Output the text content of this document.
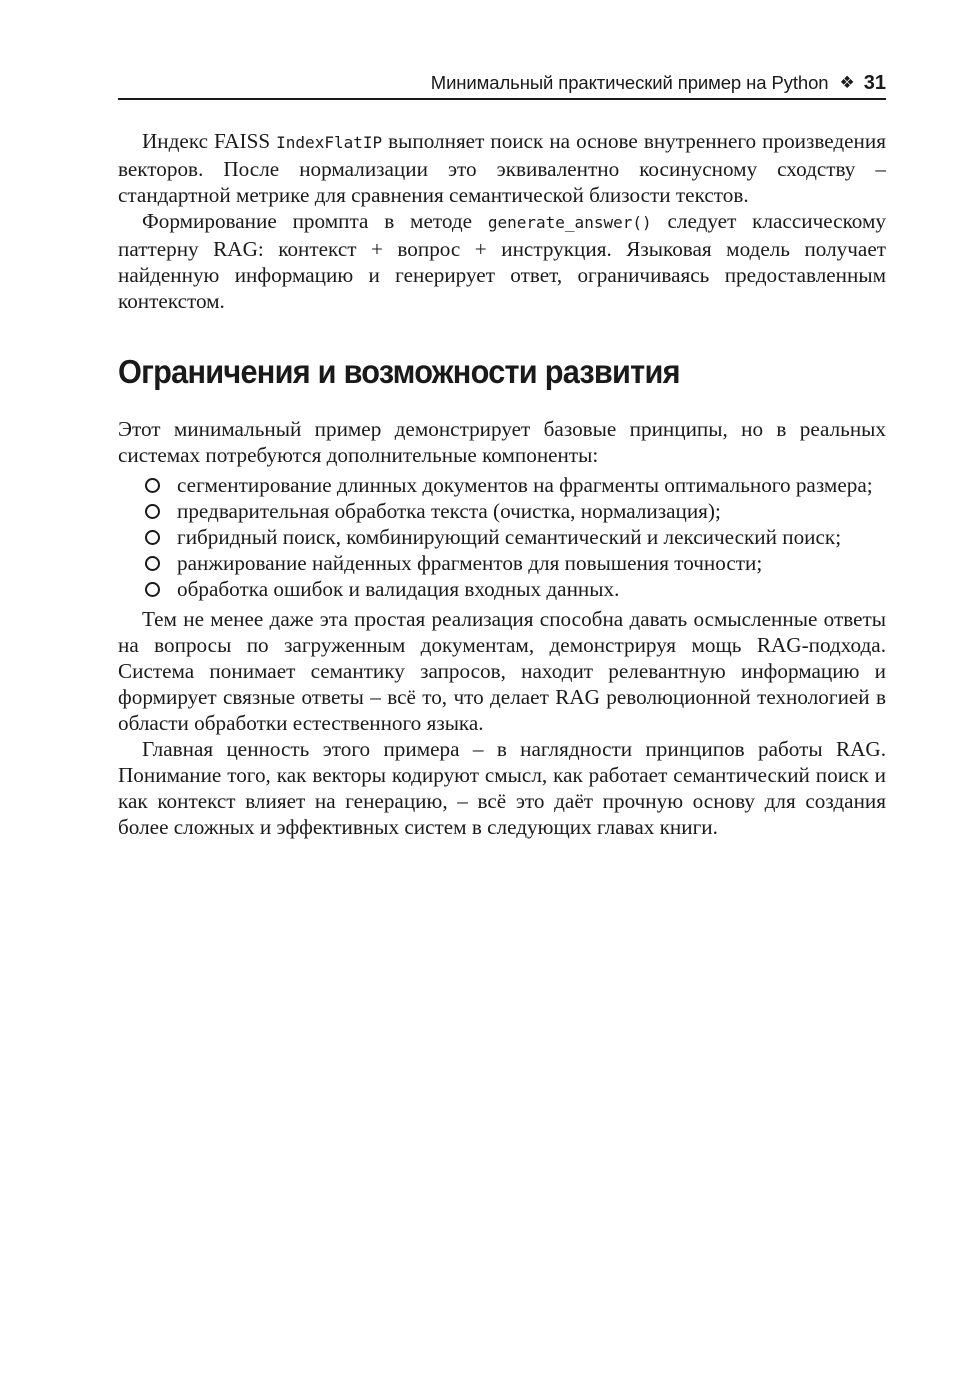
Минимальный практический пример на Python ❖ 31

Индекс FAISS IndexFlatIP выполняет поиск на основе внутреннего произведения векторов. После нормализации это эквивалентно косинусному сходству – стандартной метрике для сравнения семантической близости текстов.

Формирование промпта в методе generate_answer() следует классическому паттерну RAG: контекст + вопрос + инструкция. Языковая модель получает найденную информацию и генерирует ответ, ограничиваясь предоставленным контекстом.

Ограничения и возможности развития

Этот минимальный пример демонстрирует базовые принципы, но в реальных системах потребуются дополнительные компоненты:

сегментирование длинных документов на фрагменты оптимального размера;
предварительная обработка текста (очистка, нормализация);
гибридный поиск, комбинирующий семантический и лексический поиск;
ранжирование найденных фрагментов для повышения точности;
обработка ошибок и валидация входных данных.

Тем не менее даже эта простая реализация способна давать осмысленные ответы на вопросы по загруженным документам, демонстрируя мощь RAG-подхода. Система понимает семантику запросов, находит релевантную информацию и формирует связные ответы – всё то, что делает RAG революционной технологией в области обработки естественного языка.

Главная ценность этого примера – в наглядности принципов работы RAG. Понимание того, как векторы кодируют смысл, как работает семантический поиск и как контекст влияет на генерацию, – всё это даёт прочную основу для создания более сложных и эффективных систем в следующих главах книги.
